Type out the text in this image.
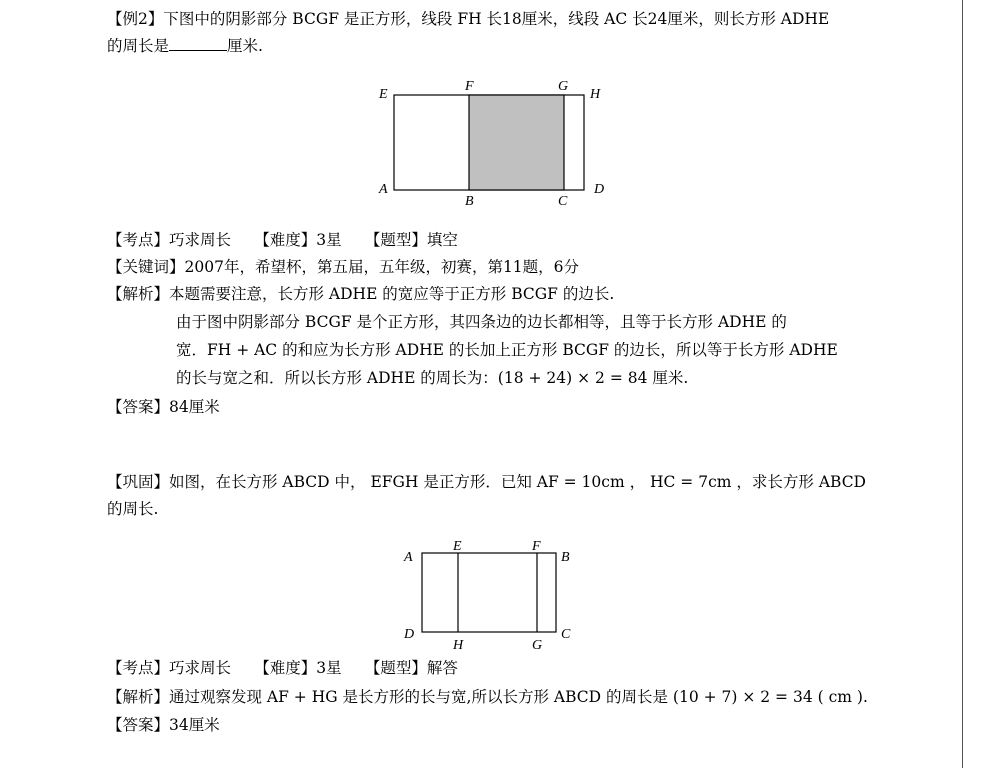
【例2】下图中的阴影部分 BCGF 是正方形，线段 FH 长18厘米，线段 AC 长24厘米，则长方形 ADHE
的周长是	厘米.
E
F	G
H
A
B	C
D
【考点】巧求周长　　【难度】3星　　【题型】填空
【关键词】2007年，希望杯，第五届，五年级，初赛，第11题，6分
【解析】本题需要注意，长方形 ADHE 的宽应等于正方形 BCGF 的边长.
由于图中阴影部分 BCGF 是个正方形，其四条边的边长都相等，且等于长方形 ADHE 的
宽．FH + AC 的和应为长方形 ADHE 的长加上正方形 BCGF 的边长，所以等于长方形 ADHE
的长与宽之和．所以长方形 ADHE 的周长为：(18 + 24) × 2 = 84 厘米.
【答案】84厘米
【巩固】如图，在长方形 ABCD 中， EFGH 是正方形．已知 AF = 10cm ， HC = 7cm ，求长方形 ABCD
的周长.
A
E	F
B
D
H	G
C
【考点】巧求周长　　【难度】3星　　【题型】解答
【解析】通过观察发现 AF + HG 是长方形的长与宽,所以长方形 ABCD 的周长是 (10 + 7) × 2 = 34 ( cm ).
【答案】34厘米
